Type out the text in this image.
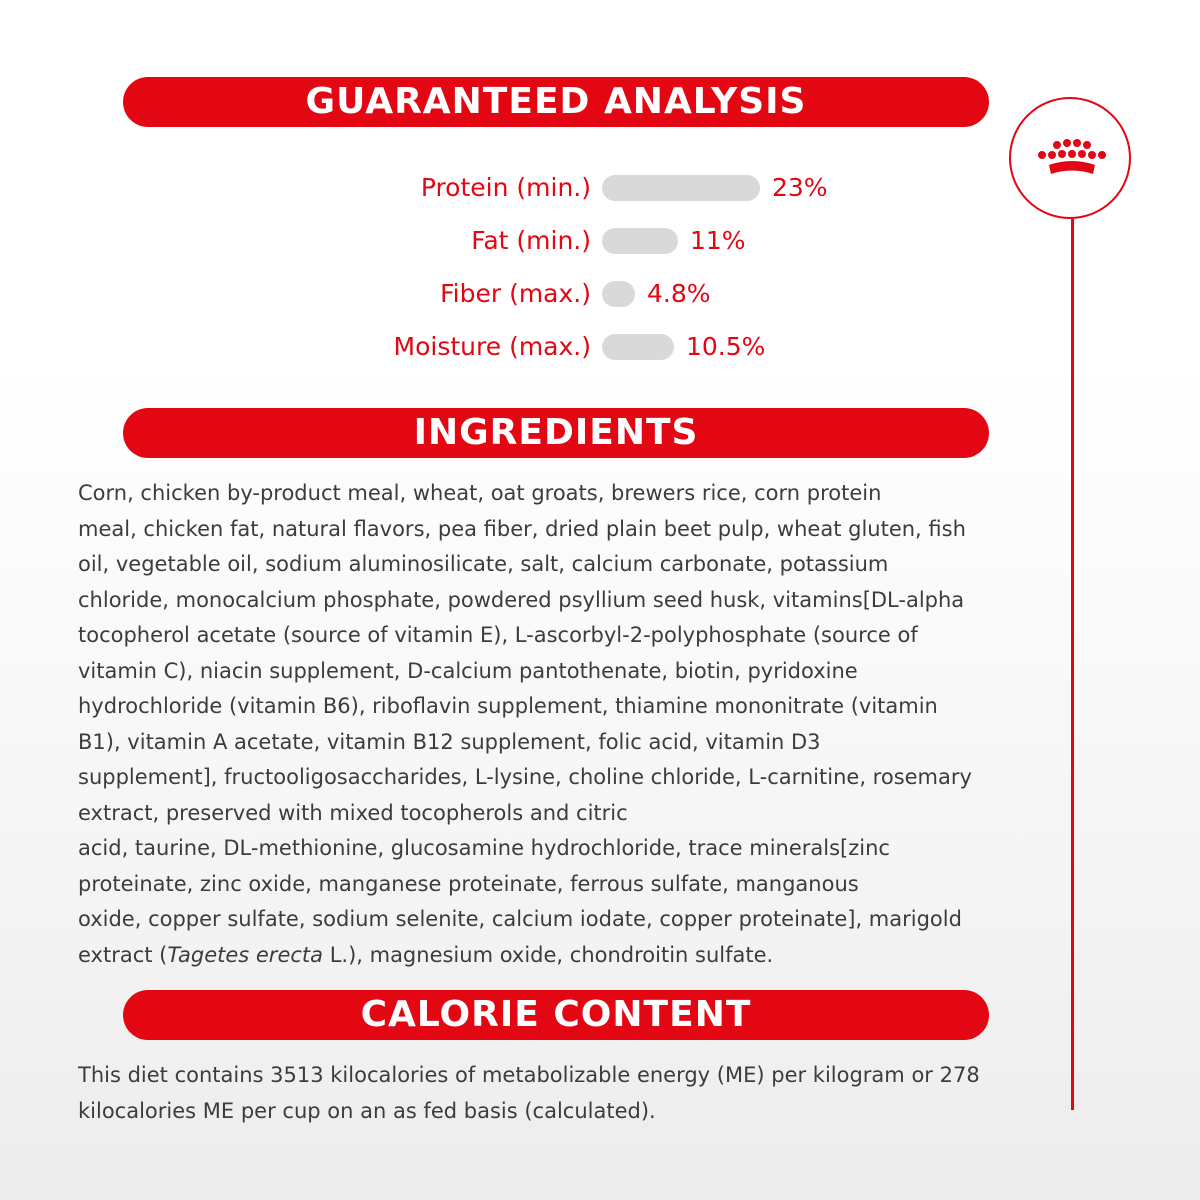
GUARANTEED ANALYSIS
Protein (min.)	23%
Fat (min.)	11%
Fiber (max.) 4.8%
Moisture (max.)	10.5%
INGREDIENTS
Corn, chicken by-product meal, wheat, oat groats, brewers rice, corn protein
meal, chicken fat, natural flavors, pea fiber, dried plain beet pulp, wheat gluten, fish
oil, vegetable oil, sodium aluminosilicate, salt, calcium carbonate, potassium
chloride, monocalcium phosphate, powdered psyllium seed husk, vitamins[DL-alpha
tocopherol acetate (source of vitamin E), L-ascorbyl-2-polyphosphate (source of
vitamin C), niacin supplement, D-calcium pantothenate, biotin, pyridoxine
hydrochloride (vitamin B6), riboflavin supplement, thiamine mononitrate (vitamin
B1), vitamin A acetate, vitamin B12 supplement, folic acid, vitamin D3
supplement], fructooligosaccharides, L-lysine, choline chloride, L-carnitine, rosemary
extract, preserved with mixed tocopherols and citric
acid, taurine, DL-methionine, glucosamine hydrochloride, trace minerals[zinc
proteinate, zinc oxide, manganese proteinate, ferrous sulfate, manganous
oxide, copper sulfate, sodium selenite, calcium iodate, copper proteinate], marigold
extract (Tagetes erecta L.), magnesium oxide, chondroitin sulfate.
CALORIE CONTENT
This diet contains 3513 kilocalories of metabolizable energy (ME) per kilogram or 278
kilocalories ME per cup on an as fed basis (calculated).
